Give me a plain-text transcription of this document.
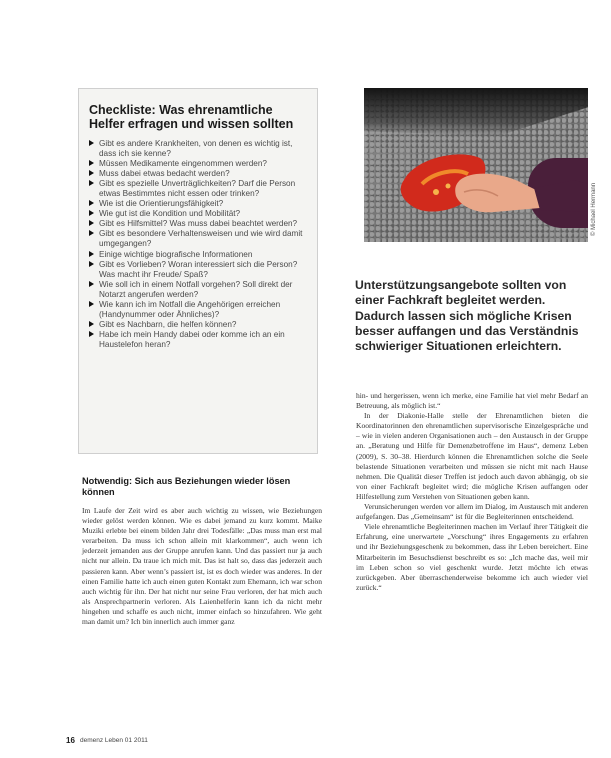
Checkliste: Was ehrenamtliche Helfer erfragen und wissen sollten
Gibt es andere Krankheiten, von denen es wichtig ist, dass ich sie kenne?
Müssen Medikamente eingenommen werden?
Muss dabei etwas bedacht werden?
Gibt es spezielle Unverträglichkeiten? Darf die Person etwas Bestimmtes nicht essen oder trinken?
Wie ist die Orientierungsfähigkeit?
Wie gut ist die Kondition und Mobilität?
Gibt es Hilfsmittel? Was muss dabei beachtet werden?
Gibt es besondere Verhaltensweisen und wie wird damit umgegangen?
Einige wichtige biografische Informationen
Gibt es Vorlieben? Woran interessiert sich die Person? Was macht ihr Freude/ Spaß?
Wie soll ich in einem Notfall vorgehen? Soll direkt der Notarzt angerufen werden?
Wie kann ich im Notfall die Angehörigen erreichen (Handynummer oder Ähnliches)?
Gibt es Nachbarn, die helfen können?
Habe ich mein Handy dabei oder komme ich an ein Haustelefon heran?
© Michael Hermann
Unterstützungsangebote sollten von einer Fachkraft begleitet werden. Dadurch lassen sich mögliche Krisen besser auffangen und das Verständnis schwieriger Situationen erleichtern.
Notwendig: Sich aus Beziehungen wieder lösen können

Im Laufe der Zeit wird es aber auch wichtig zu wissen, wie Beziehungen wieder gelöst werden können. Wie es dabei jemand zu kurz kommt. Maike Muziki erlebte bei einem bilden Jahr drei Todesfälle: „Das muss man erst mal verarbeiten. Da muss ich schon allein mit klarkommen“, auch wenn ich jederzeit jemanden aus der Gruppe anrufen kann. Und das passiert nur ja auch nicht nur allein. Da traue ich mich mit. Das ist halt so, dass das jederzeit auch passieren kann. Aber wenn’s passiert ist, ist es doch wieder was anderes. In der einen Familie hatte ich auch einen guten Kontakt zum Ehemann, ich war schon auch wichtig für ihn. Der hat nicht nur seine Frau verloren, der hat mich auch als Ansprechpartnerin verloren. Als Laienhelferin kann ich da nicht mehr hingehen und schaffe es auch nicht, immer einfach so hinzufahren. Wie geht man damit um? Ich bin innerlich auch immer ganz

hin- und hergerissen, wenn ich merke, eine Familie hat viel mehr Bedarf an Betreuung, als möglich ist.“

In der Diakonie-Halle stelle der Ehrenamtlichen bieten die Koordinatorinnen den ehrenamtlichen supervisorische Einzelgespräche und – wie in vielen anderen Organisationen auch – den Austausch in der Gruppe an. „Beratung und Hilfe für Demenzbetroffene im Haus“, demenz Leben (2009), S. 30–38. Hierdurch können die Ehrenamtlichen solche die Seele belastende Situationen verarbeiten und müssen sie nicht mit nach Hause nehmen. Die Qualität dieser Treffen ist jedoch auch davon abhängig, ob sie von einer Fachkraft begleitet wird; die mögliche Krisen auffangen oder Hilfestellung zum Verstehen von Situationen geben kann.

Verunsicherungen werden vor allem im Dialog, im Austausch mit anderen aufgefangen. Das „Gemeinsam“ ist für die Begleiterinnen entscheidend.

Viele ehrenamtliche Begleiterinnen machen im Verlauf ihrer Tätigkeit die Erfahrung, eine unerwartete „Vorschung“ ihres Engagements zu erfahren und ihr Beziehungsgeschenk zu bekommen, dass ihr Leben bereichert. Eine Mitarbeiterin im Besuchsdienst beschreibt es so: „Ich mache das, weil mir im Leben schon so viel geschenkt wurde. Jetzt möchte ich etwas zurückgeben. Aber überraschenderweise bekomme ich auch wieder viel zurück.“

16 demenz Leben 01 2011
